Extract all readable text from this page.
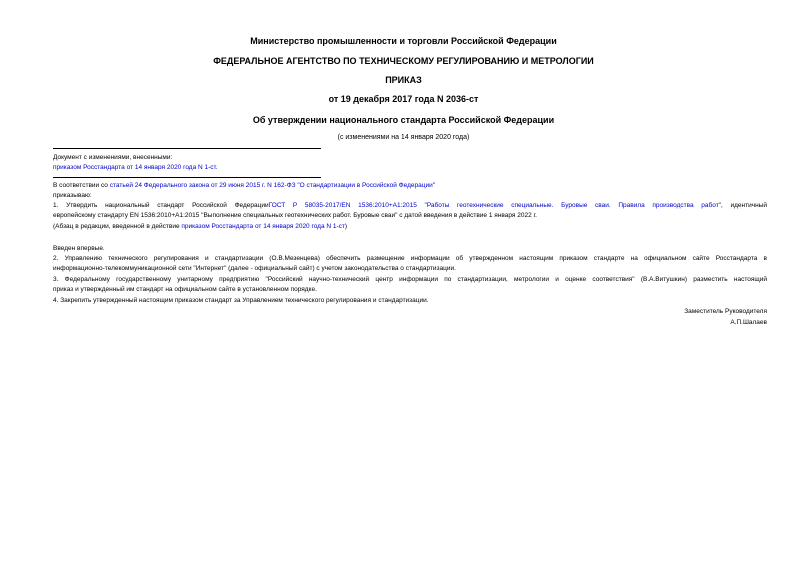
Министерство промышленности и торговли Российской Федерации
ФЕДЕРАЛЬНОЕ АГЕНТСТВО ПО ТЕХНИЧЕСКОМУ РЕГУЛИРОВАНИЮ И МЕТРОЛОГИИ
ПРИКАЗ
от 19 декабря 2017 года N 2036-ст
Об утверждении национального стандарта Российской Федерации
(с изменениями на 14 января 2020 года)
Документ с изменениями, внесенными:
приказом Росстандарта от 14 января 2020 года N 1-ст.
В соответствии со статьей 24 Федерального закона от 29 июня 2015 г. N 162-ФЗ "О стандартизации в Российской Федерации"
приказываю:
1. Утвердить национальный стандарт Российской ФедерацииГОСТ Р 58035-2017/EN 1536:2010+A1:2015 "Работы геотехнические специальные. Буровые сваи. Правила производства работ", идентичный
европейскому стандарту EN 1536:2010+A1:2015 "Выполнение специальных геотехнических работ. Буровые сваи" с датой введения в действие 1 января 2022 г.
(Абзац в редакции, введенной в действие приказом Росстандарта от 14 января 2020 года N 1-ст)
Введен впервые.
2. Управлению технического регулирования и стандартизации (О.В.Мезенцева) обеспечить размещение информации об утвержденном настоящим приказом стандарте на официальном сайте Росстандарта в
информационно-телекоммуникационной сети "Интернет" (далее - официальный сайт) с учетом законодательства о стандартизации.
3. Федеральному государственному унитарному предприятию "Российский научно-технический центр информации по стандартизации, метрологии и оценке соответствия" (В.А.Витушкин) разместить настоящий
приказ и утвержденный им стандарт на официальном сайте в установленном порядке.
4. Закрепить утвержденный настоящим приказом стандарт за Управлением технического регулирования и стандартизации.
Заместитель Руководителя
А.П.Шалаев
